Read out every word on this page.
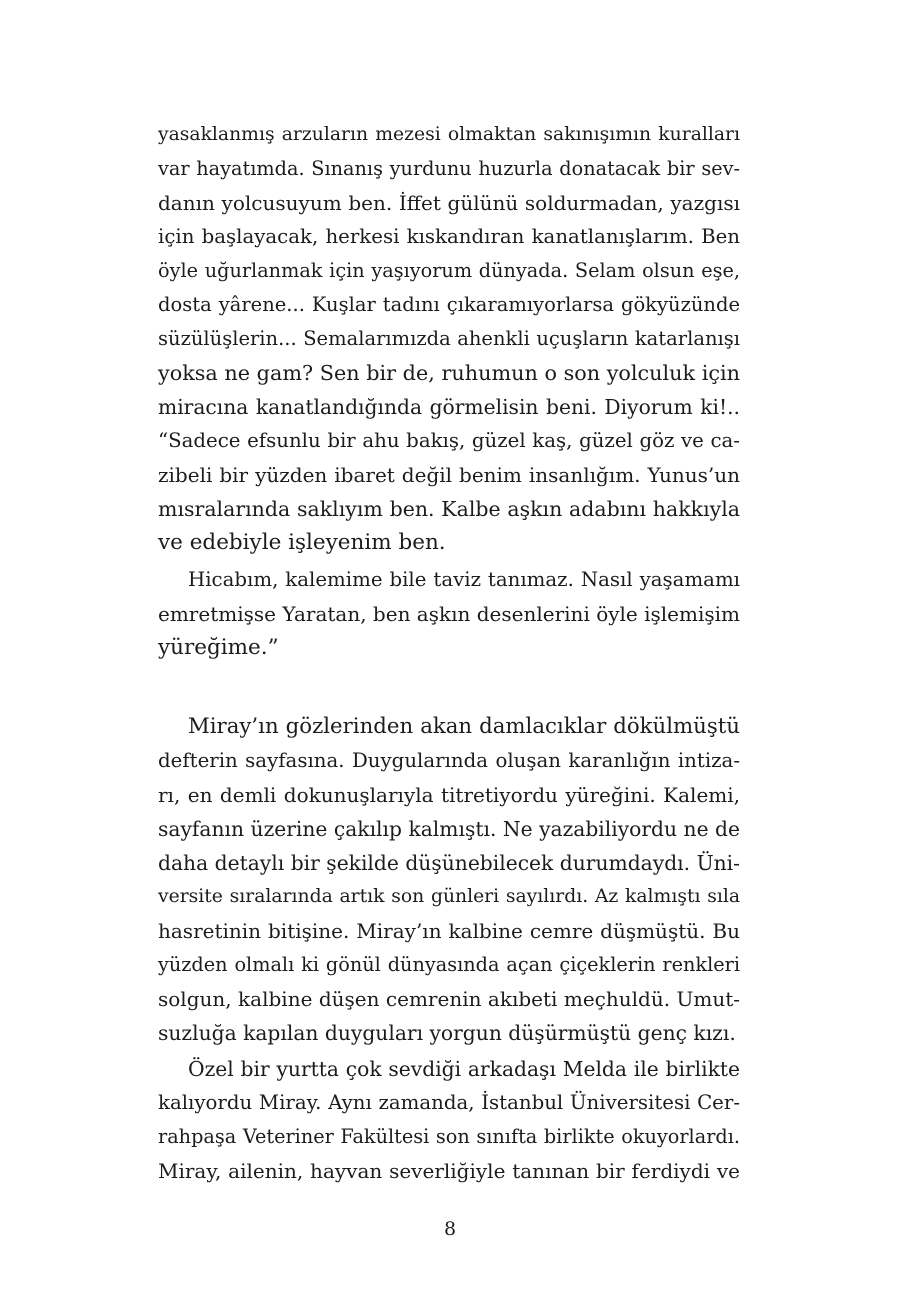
yasaklanmış arzuların mezesi olmaktan sakınışımın kuralları
var hayatımda. Sınanış yurdunu huzurla donatacak bir sev-
danın yolcusuyum ben. İffet gülünü soldurmadan, yazgısı
için başlayacak, herkesi kıskandıran kanatlanışlarım. Ben
öyle uğurlanmak için yaşıyorum dünyada. Selam olsun eşe,
dosta yârene... Kuşlar tadını çıkaramıyorlarsa gökyüzünde
süzülüşlerin... Semalarımızda ahenkli uçuşların katarlanışı
yoksa ne gam? Sen bir de, ruhumun o son yolculuk için
miracına kanatlandığında görmelisin beni. Diyorum ki!..
“Sadece efsunlu bir ahu bakış, güzel kaş, güzel göz ve ca-
zibeli bir yüzden ibaret değil benim insanlığım. Yunus’un
mısralarında saklıyım ben. Kalbe aşkın adabını hakkıyla
ve edebiyle işleyenim ben.
Hicabım, kalemime bile taviz tanımaz. Nasıl yaşamamı
emretmişse Yaratan, ben aşkın desenlerini öyle işlemişim
yüreğime.”
Miray’ın gözlerinden akan damlacıklar dökülmüştü
defterin sayfasına. Duygularında oluşan karanlığın intiza-
rı, en demli dokunuşlarıyla titretiyordu yüreğini. Kalemi,
sayfanın üzerine çakılıp kalmıştı. Ne yazabiliyordu ne de
daha detaylı bir şekilde düşünebilecek durumdaydı. Üni-
versite sıralarında artık son günleri sayılırdı. Az kalmıştı sıla
hasretinin bitişine. Miray’ın kalbine cemre düşmüştü. Bu
yüzden olmalı ki gönül dünyasında açan çiçeklerin renkleri
solgun, kalbine düşen cemrenin akıbeti meçhuldü. Umut-
suzluğa kapılan duyguları yorgun düşürmüştü genç kızı.
Özel bir yurtta çok sevdiği arkadaşı Melda ile birlikte
kalıyordu Miray. Aynı zamanda, İstanbul Üniversitesi Cer-
rahpaşa Veteriner Fakültesi son sınıfta birlikte okuyorlardı.
Miray, ailenin, hayvan severliğiyle tanınan bir ferdiydi ve
8
